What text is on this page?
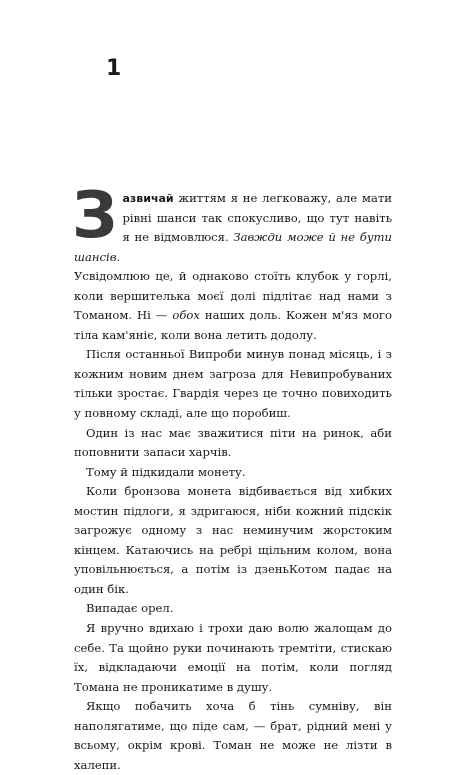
1

Зазвичай життям я не легковажу, але мати рівні шанси так спокусливо, що тут навіть я не відмовлюся. Завжди може й не бути шансів.

Усвідомлюю це, й однаково стоїть клубок у горлі, коли вершителька моєї долі підлітає над нами з Томаном. Ні — обох наших доль. Кожен м'яз мого тіла кам'яніє, коли вона летить додолу.

Після останньої Випроби минув понад місяць, і з кожним новим днем загроза для Невипробуваних тільки зростає. Гвардія через це точно повиходить у повному складі, але що поробиш.

Один із нас має зважитися піти на ринок, аби поповнити запаси харчів.

Тому й підкидали монету.

Коли бронзова монета відбивається від хибких мостин підлоги, я здригаюся, ніби кожний підскік загрожує одному з нас неминучим жорстоким кінцем. Катаючись на ребрі щільним колом, вона уповільнюється, а потім із дзеньКотом падає на один бік.

Випадає орел.

Я вручно вдихаю і трохи даю волю жалощам до себе. Та щойно руки починають тремтіти, стискаю їх, відкладаючи емоції на потім, коли погляд Томана не проникатиме в душу.

Якщо побачить хоча б тінь сумніву, він наполягатиме, що піде сам, — брат, рідний мені у всьому, окрім крові. Томан не може не лізти в халепи.
